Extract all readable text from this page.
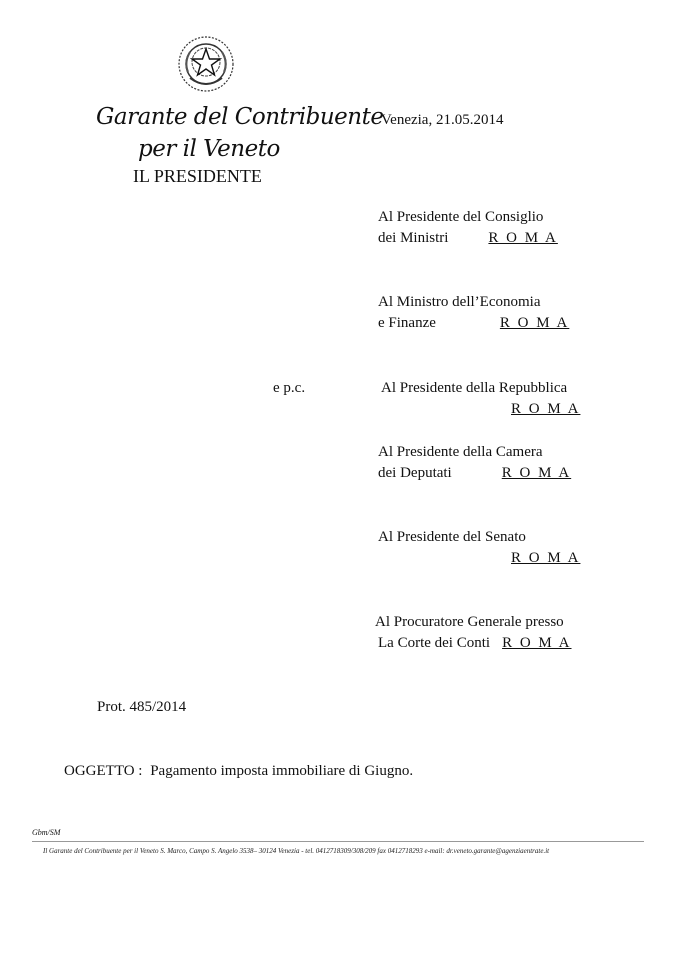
Garante del Contribuente
per il Veneto
IL PRESIDENTE
Venezia, 21.05.2014
Al Presidente del Consiglio
dei Ministri	R O M A
Al Ministro dell’Economia
e Finanze	R O M A
e p.c.	Al Presidente della Repubblica
R O M A
Al Presidente della Camera
dei Deputati	R O M A
Al Presidente del Senato
R O M A
Al Procuratore Generale presso
La Corte dei Conti R O M A
Prot. 485/2014
OGGETTO : Pagamento imposta immobiliare di Giugno.
Gbm/SM
Il Garante del Contribuente per il Veneto S. Marco, Campo S. Angelo 3538– 30124 Venezia - tel. 0412718309/308/209 fax 0412718293 e-mail: dr.veneto.garante@agenziaentrate.it
